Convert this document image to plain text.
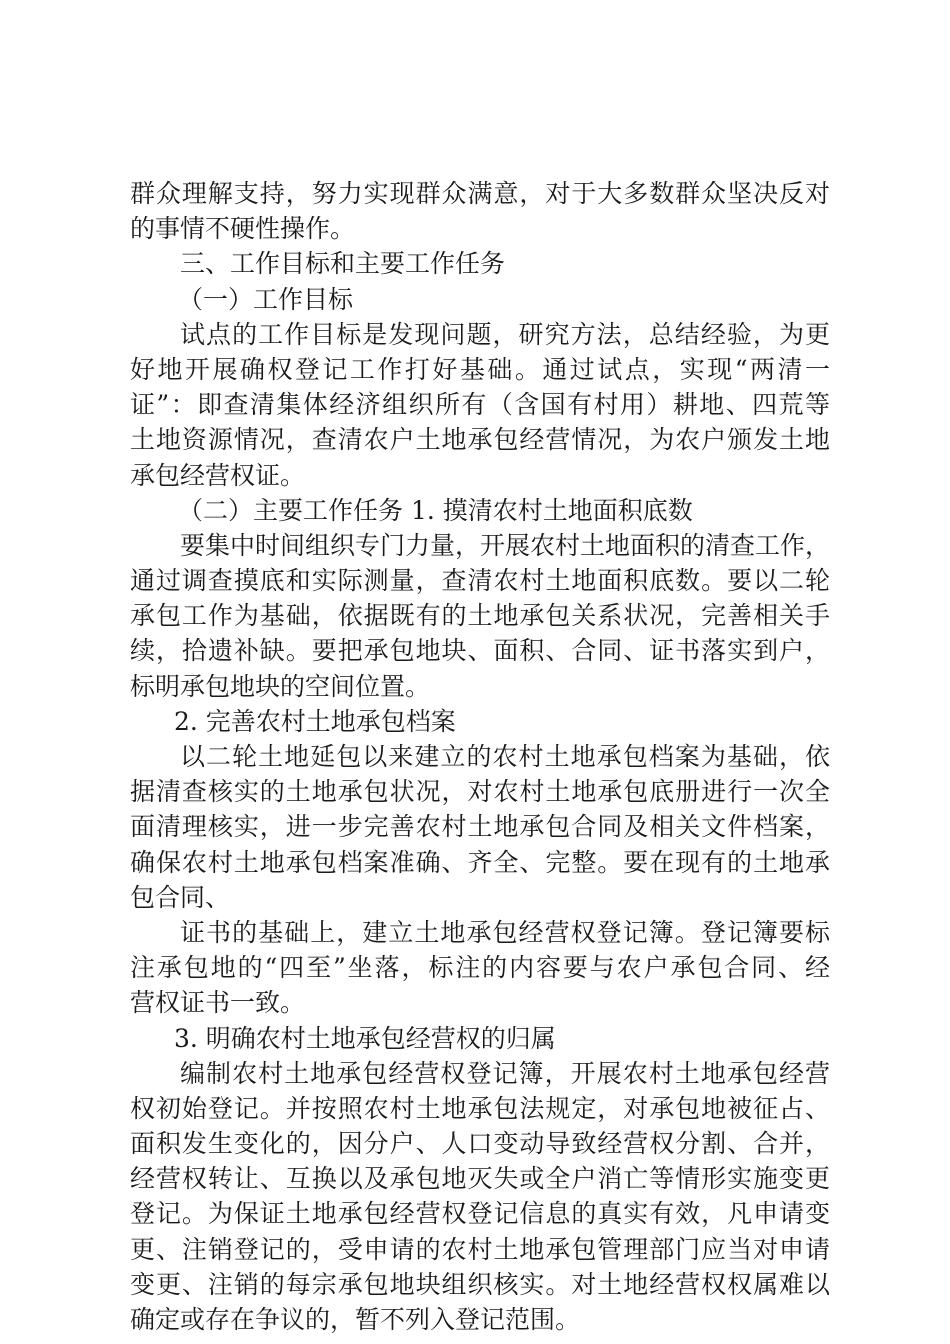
群众理解支持，努力实现群众满意，对于大多数群众坚决反对
的事情不硬性操作。
三、工作目标和主要工作任务
（一）工作目标
试点的工作目标是发现问题，研究方法，总结经验，为更
好地开展确权登记工作打好基础。通过试点，实现“两清一
证”：即查清集体经济组织所有（含国有村用）耕地、四荒等
土地资源情况，查清农户土地承包经营情况，为农户颁发土地
承包经营权证。
（二）主要工作任务 1. 摸清农村土地面积底数
要集中时间组织专门力量，开展农村土地面积的清查工作，
通过调查摸底和实际测量，查清农村土地面积底数。要以二轮
承包工作为基础，依据既有的土地承包关系状况，完善相关手
续，拾遗补缺。要把承包地块、面积、合同、证书落实到户，
标明承包地块的空间位置。
2. 完善农村土地承包档案
以二轮土地延包以来建立的农村土地承包档案为基础，依
据清查核实的土地承包状况，对农村土地承包底册进行一次全
面清理核实，进一步完善农村土地承包合同及相关文件档案，
确保农村土地承包档案准确、齐全、完整。要在现有的土地承
包合同、
证书的基础上，建立土地承包经营权登记簿。登记簿要标
注承包地的“四至”坐落，标注的内容要与农户承包合同、经
营权证书一致。
3. 明确农村土地承包经营权的归属
编制农村土地承包经营权登记簿，开展农村土地承包经营
权初始登记。并按照农村土地承包法规定，对承包地被征占、
面积发生变化的，因分户、人口变动导致经营权分割、合并，
经营权转让、互换以及承包地灭失或全户消亡等情形实施变更
登记。为保证土地承包经营权登记信息的真实有效，凡申请变
更、注销登记的，受申请的农村土地承包管理部门应当对申请
变更、注销的每宗承包地块组织核实。对土地经营权权属难以
确定或存在争议的，暂不列入登记范围。
